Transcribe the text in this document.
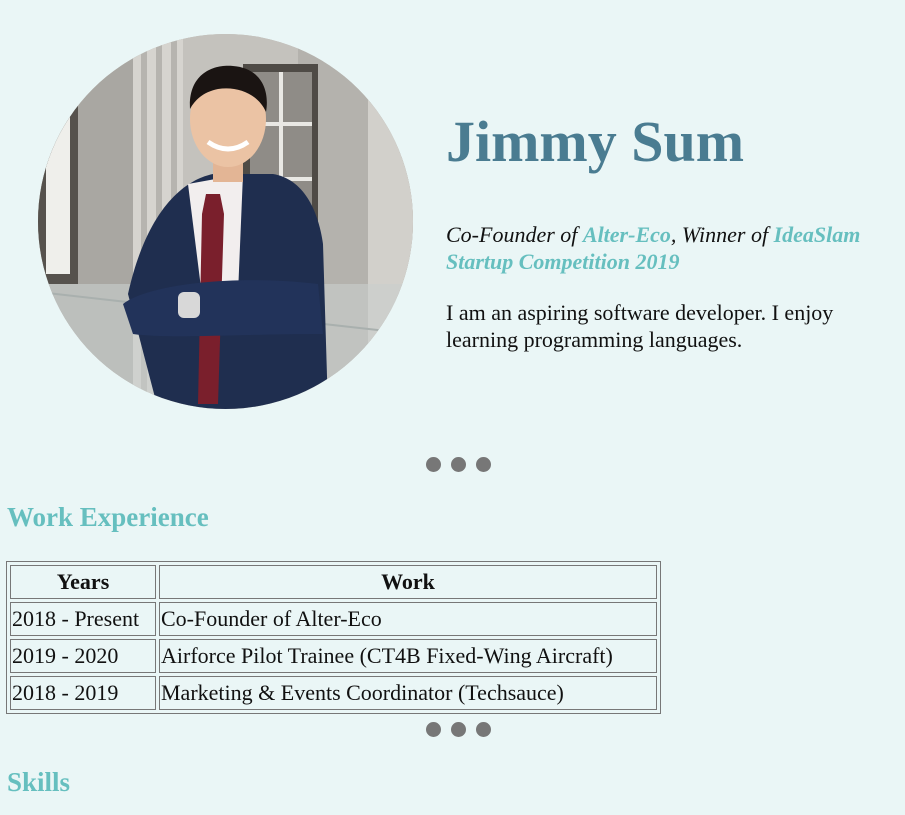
Jimmy Sum

Co-Founder of Alter-Eco, Winner of IdeaSlam Startup Competition 2019

I am an aspiring software developer. I enjoy learning programming languages.

Work Experience
Years	Work
2018 - Present	Co-Founder of Alter-Eco
2019 - 2020	Airforce Pilot Trainee (CT4B Fixed-Wing Aircraft)
2018 - 2019	Marketing & Events Coordinator (Techsauce)
Skills
